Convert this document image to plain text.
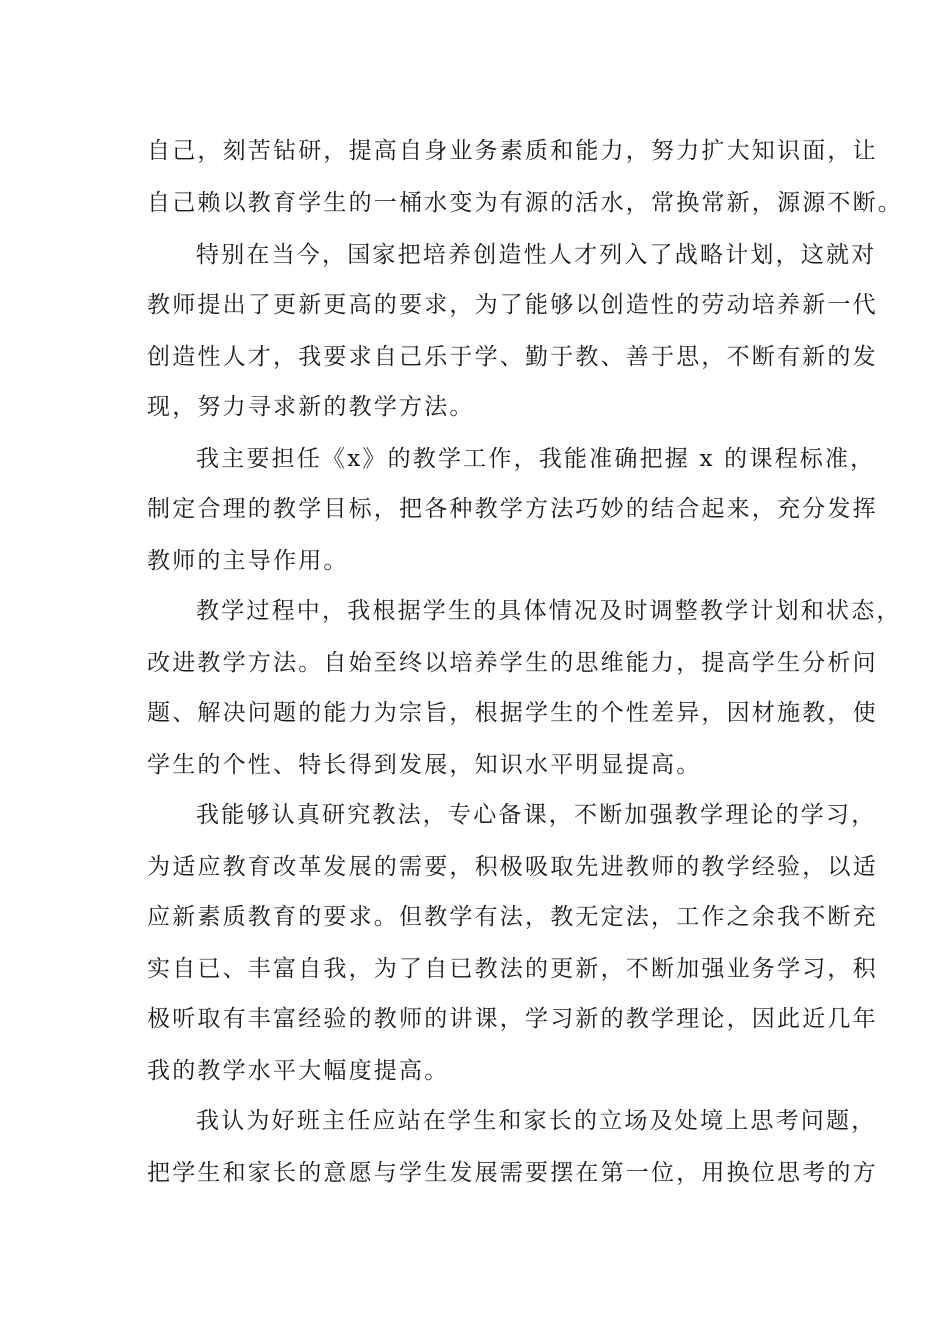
自己，刻苦钻研，提高自身业务素质和能力，努力扩大知识面，让
自己赖以教育学生的一桶水变为有源的活水，常换常新，源源不断。
特别在当今，国家把培养创造性人才列入了战略计划，这就对
教师提出了更新更高的要求，为了能够以创造性的劳动培养新一代
创造性人才，我要求自己乐于学、勤于教、善于思，不断有新的发
现，努力寻求新的教学方法。
我主要担任《x》的教学工作，我能准确把握 x 的课程标准，
制定合理的教学目标，把各种教学方法巧妙的结合起来，充分发挥
教师的主导作用。
教学过程中，我根据学生的具体情况及时调整教学计划和状态，
改进教学方法。自始至终以培养学生的思维能力，提高学生分析问
题、解决问题的能力为宗旨，根据学生的个性差异，因材施教，使
学生的个性、特长得到发展，知识水平明显提高。
我能够认真研究教法，专心备课，不断加强教学理论的学习，
为适应教育改革发展的需要，积极吸取先进教师的教学经验，以适
应新素质教育的要求。但教学有法，教无定法，工作之余我不断充
实自已、丰富自我，为了自已教法的更新，不断加强业务学习，积
极听取有丰富经验的教师的讲课，学习新的教学理论，因此近几年
我的教学水平大幅度提高。
我认为好班主任应站在学生和家长的立场及处境上思考问题，
把学生和家长的意愿与学生发展需要摆在第一位，用换位思考的方
